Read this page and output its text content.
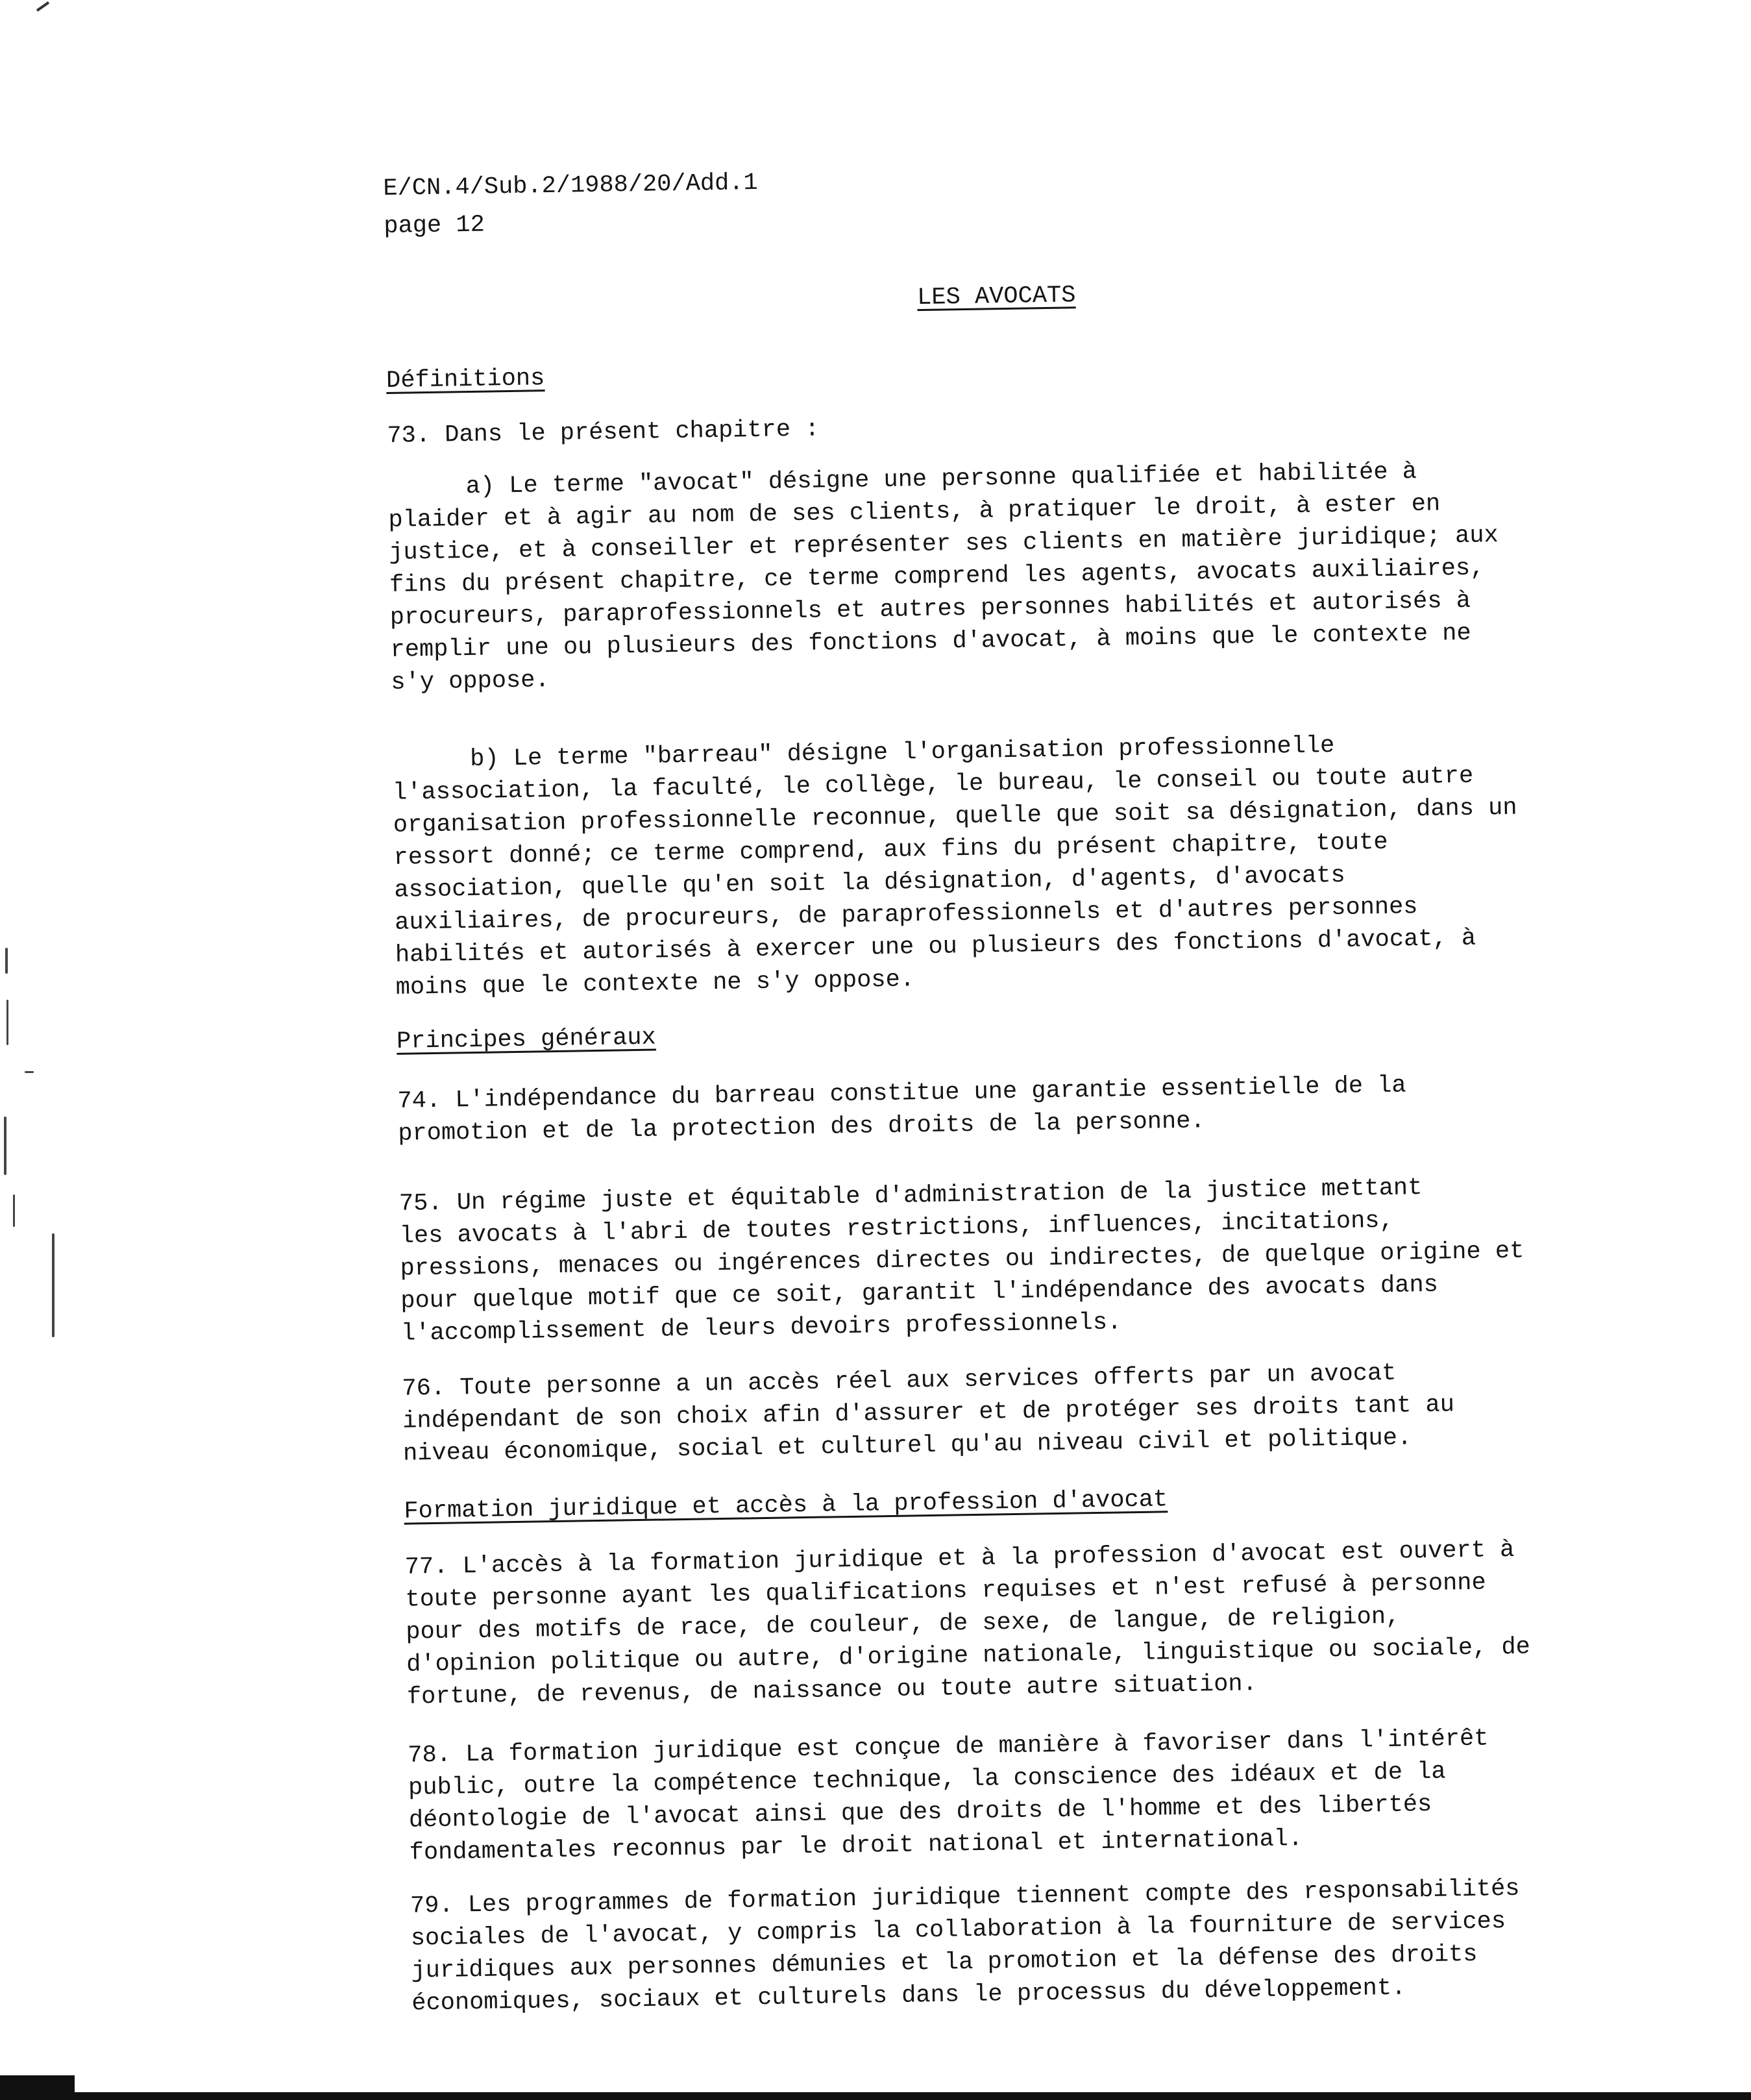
E/CN.4/Sub.2/1988/20/Add.1
page 12
LES AVOCATS
Définitions
73. Dans le présent chapitre :
a) Le terme "avocat" désigne une personne qualifiée et habilitée à
plaider et à agir au nom de ses clients, à pratiquer le droit, à ester en
justice, et à conseiller et représenter ses clients en matière juridique; aux
fins du présent chapitre, ce terme comprend les agents, avocats auxiliaires,
procureurs, paraprofessionnels et autres personnes habilités et autorisés à
remplir une ou plusieurs des fonctions d'avocat, à moins que le contexte ne
s'y oppose.
b) Le terme "barreau" désigne l'organisation professionnelle
l'association, la faculté, le collège, le bureau, le conseil ou toute autre
organisation professionnelle reconnue, quelle que soit sa désignation, dans un
ressort donné; ce terme comprend, aux fins du présent chapitre, toute
association, quelle qu'en soit la désignation, d'agents, d'avocats
auxiliaires, de procureurs, de paraprofessionnels et d'autres personnes
habilités et autorisés à exercer une ou plusieurs des fonctions d'avocat, à
moins que le contexte ne s'y oppose.
Principes généraux
74. L'indépendance du barreau constitue une garantie essentielle de la
promotion et de la protection des droits de la personne.
75. Un régime juste et équitable d'administration de la justice mettant
les avocats à l'abri de toutes restrictions, influences, incitations,
pressions, menaces ou ingérences directes ou indirectes, de quelque origine et
pour quelque motif que ce soit, garantit l'indépendance des avocats dans
l'accomplissement de leurs devoirs professionnels.
76. Toute personne a un accès réel aux services offerts par un avocat
indépendant de son choix afin d'assurer et de protéger ses droits tant au
niveau économique, social et culturel qu'au niveau civil et politique.
Formation juridique et accès à la profession d'avocat
77. L'accès à la formation juridique et à la profession d'avocat est ouvert à
toute personne ayant les qualifications requises et n'est refusé à personne
pour des motifs de race, de couleur, de sexe, de langue, de religion,
d'opinion politique ou autre, d'origine nationale, linguistique ou sociale, de
fortune, de revenus, de naissance ou toute autre situation.
78. La formation juridique est conçue de manière à favoriser dans l'intérêt
public, outre la compétence technique, la conscience des idéaux et de la
déontologie de l'avocat ainsi que des droits de l'homme et des libertés
fondamentales reconnus par le droit national et international.
79. Les programmes de formation juridique tiennent compte des responsabilités
sociales de l'avocat, y compris la collaboration à la fourniture de services
juridiques aux personnes démunies et la promotion et la défense des droits
économiques, sociaux et culturels dans le processus du développement.
